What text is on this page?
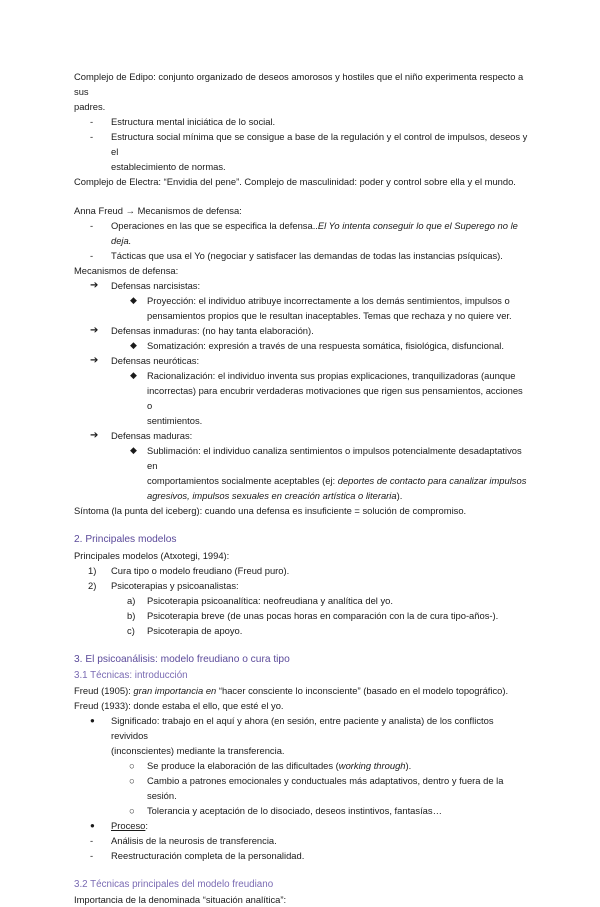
Complejo de Edipo: conjunto organizado de deseos amorosos y hostiles que el niño experimenta respecto a sus

padres.

- Estructura mental iniciática de lo social.
- Estructura social mínima que se consigue a base de la regulación y el control de impulsos, deseos y el
establecimiento de normas.

Complejo de Electra: “Envidia del pene”. Complejo de masculinidad: poder y control sobre ella y el mundo.

Anna Freud → Mecanismos de defensa:

- Operaciones en las que se especifica la defensa..El Yo intenta conseguir lo que el Superego no le deja.
- Tácticas que usa el Yo (negociar y satisfacer las demandas de todas las instancias psíquicas).

Mecanismos de defensa:

➔ Defensas narcisistas:
◆ Proyección: el individuo atribuye incorrectamente a los demás sentimientos, impulsos o
pensamientos propios que le resultan inaceptables. Temas que rechaza y no quiere ver.
➔ Defensas inmaduras: (no hay tanta elaboración).
◆ Somatización: expresión a través de una respuesta somática, fisiológica, disfuncional.
➔ Defensas neuróticas:
◆ Racionalización: el individuo inventa sus propias explicaciones, tranquilizadoras (aunque
incorrectas) para encubrir verdaderas motivaciones que rigen sus pensamientos, acciones o
sentimientos.
➔ Defensas maduras:
◆ Sublimación: el individuo canaliza sentimientos o impulsos potencialmente desadaptativos en
comportamientos socialmente aceptables (ej: deportes de contacto para canalizar impulsos
agresivos, impulsos sexuales en creación artística o literaria).

Síntoma (la punta del iceberg): cuando una defensa es insuficiente = solución de compromiso.

2. Principales modelos

Principales modelos (Atxotegi, 1994):

1) Cura tipo o modelo freudiano (Freud puro).
2) Psicoterapias y psicoanalistas:
a) Psicoterapia psicoanalítica: neofreudiana y analítica del yo.
b) Psicoterapia breve (de unas pocas horas en comparación con la de cura tipo-años-).
c) Psicoterapia de apoyo.

3. El psicoanálisis: modelo freudiano o cura tipo

3.1 Técnicas: introducción

Freud (1905): gran importancia en “hacer consciente lo inconsciente” (basado en el modelo topográfico).

Freud (1933): donde estaba el ello, que esté el yo.

● Significado: trabajo en el aquí y ahora (en sesión, entre paciente y analista) de los conflictos revividos
(inconscientes) mediante la transferencia.
○ Se produce la elaboración de las dificultades (working through).
○ Cambio a patrones emocionales y conductuales más adaptativos, dentro y fuera de la sesión.
○ Tolerancia y aceptación de lo disociado, deseos instintivos, fantasías…
● Proceso:
- Análisis de la neurosis de transferencia.
- Reestructuración completa de la personalidad.

3.2 Técnicas principales del modelo freudiano

Importancia de la denominada “situación analítica”:
